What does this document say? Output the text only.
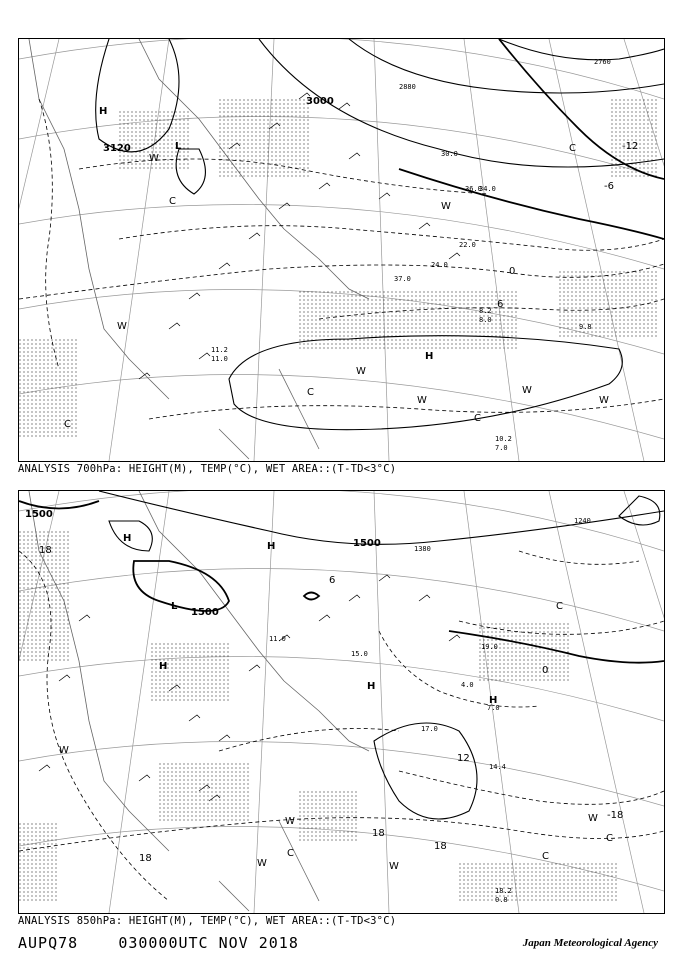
3120
3000
2880
2760
-6
0
-12
6
H
L
H
W
C
W
W
C
W
W
C
W
C
C
W
10.2
7.0
11.2
11.0
9.8
8.2
8.0
22.0
24.0
37.0
30.0
36.0
34.0
ANALYSIS 700hPa: HEIGHT(M), TEMP(°C), WET AREA::(T-TD<3°C)
1500
1500
1380
1500
1240
18
0
12
18
18
18
-18
6
H
L
H
H
H
H
W
W
C
W
C
W
C
C
W
18.2
0.8
14.4
15.0
11.0
17.0
19.0
4.0
7.0
ANALYSIS 850hPa: HEIGHT(M), TEMP(°C), WET AREA::(T-TD<3°C)
AUPQ78	030000UTC NOV 2018	Japan Meteorological Agency
